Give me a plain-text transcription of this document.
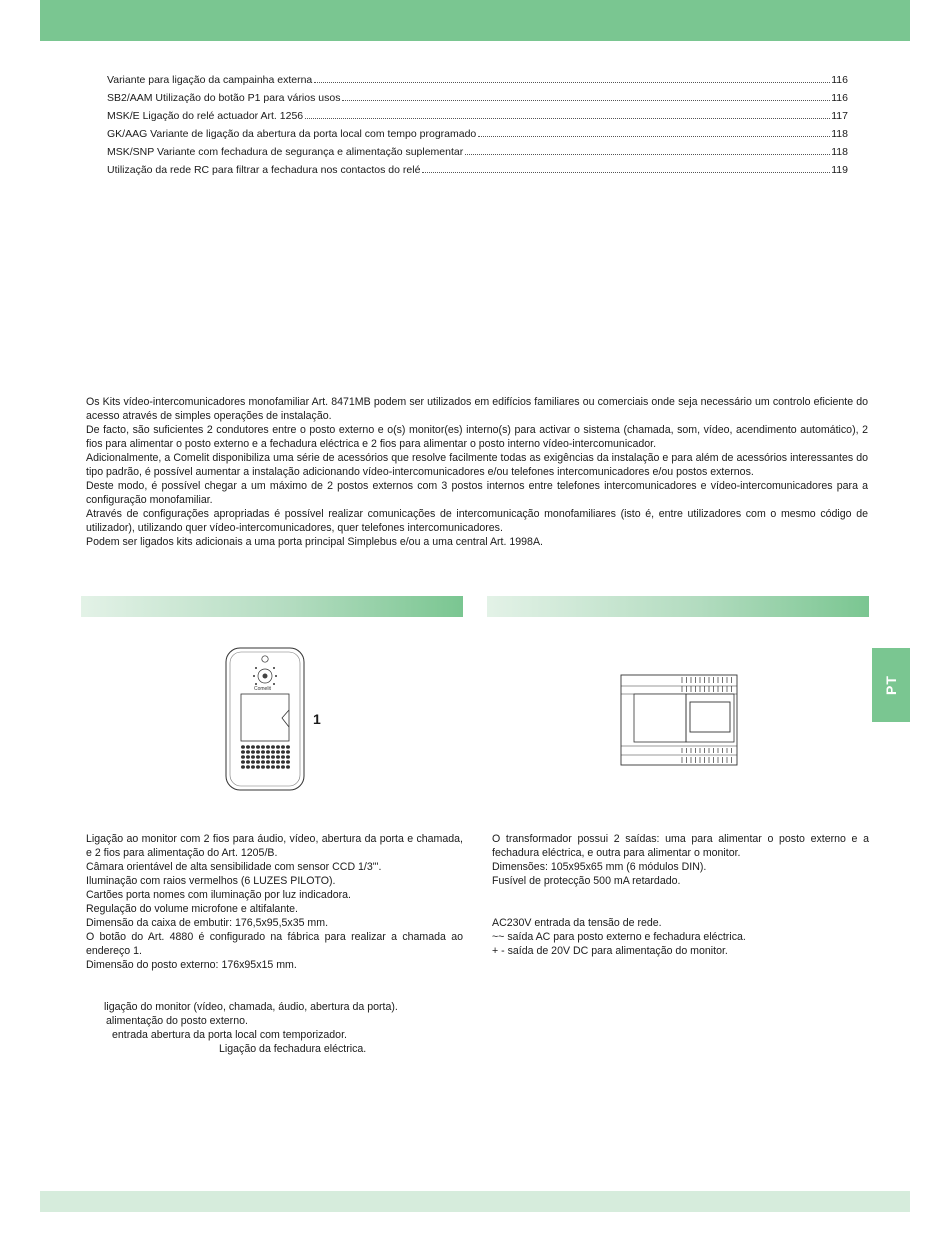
Variante para ligação da campainha externa	116
SB2/AAM Utilização do botão P1 para vários usos	116
MSK/E Ligação do relé actuador Art. 1256	117
GK/AAG Variante de ligação da abertura da porta local com tempo programado	118
MSK/SNP Variante com fechadura de segurança e alimentação suplementar	118
Utilização da rede RC para filtrar a fechadura nos contactos do relé	119

Os Kits vídeo-intercomunicadores monofamiliar Art. 8471MB podem ser utilizados em edifícios familiares ou comerciais onde seja necessário um controlo eficiente do acesso através de simples operações de instalação.

De facto, são suficientes 2 condutores entre o posto externo e o(s) monitor(es) interno(s) para activar o sistema (chamada, som, vídeo, acendimento automático), 2 fios para alimentar o posto externo e a fechadura eléctrica e 2 fios para alimentar o posto interno vídeo-intercomunicador.

Adicionalmente, a Comelit disponibiliza uma série de acessórios que resolve facilmente todas as exigências da instalação e para além de acessórios interessantes do tipo padrão, é possível aumentar a instalação adicionando vídeo-intercomunicadores e/ou telefones intercomunicadores e/ou postos externos.

Deste modo, é possível chegar a um máximo de 2 postos externos com 3 postos internos entre telefones intercomunicadores e vídeo-intercomunicadores para a configuração monofamiliar.

Através de configurações apropriadas é possível realizar comunicações de intercomunicação monofamiliares (isto é, entre utilizadores com o mesmo código de utilizador), utilizando quer vídeo-intercomunicadores, quer telefones intercomunicadores.

Podem ser ligados kits adicionais a uma porta principal Simplebus e/ou a uma central Art. 1998A.

PT
Comelit
1

Ligação ao monitor com 2 fios para áudio, vídeo, abertura da porta e chamada, e 2 fios para alimentação do Art. 1205/B.

Câmara orientável de alta sensibilidade com sensor CCD 1/3"'.

Iluminação com raios vermelhos (6 LUZES PILOTO).

Cartões porta nomes com iluminação por luz indicadora.

Regulação do volume microfone e altifalante.

Dimensão da caixa de embutir: 176,5x95,5x35 mm.

O botão do Art. 4880 é configurado na fábrica para realizar a chamada ao endereço 1.

Dimensão do posto externo: 176x95x15 mm.

ligação do monitor (vídeo, chamada, áudio, abertura da porta).

alimentação do posto externo.

entrada abertura da porta local com temporizador.

Ligação da fechadura eléctrica.

O transformador possui 2 saídas: uma para alimentar o posto externo e a fechadura eléctrica, e outra para alimentar o monitor.

Dimensões: 105x95x65 mm (6 módulos DIN).

Fusível de protecção 500 mA retardado.

AC230V entrada da tensão de rede.

~~ saída AC para posto externo e fechadura eléctrica.

+ - saída de 20V DC para alimentação do monitor.
